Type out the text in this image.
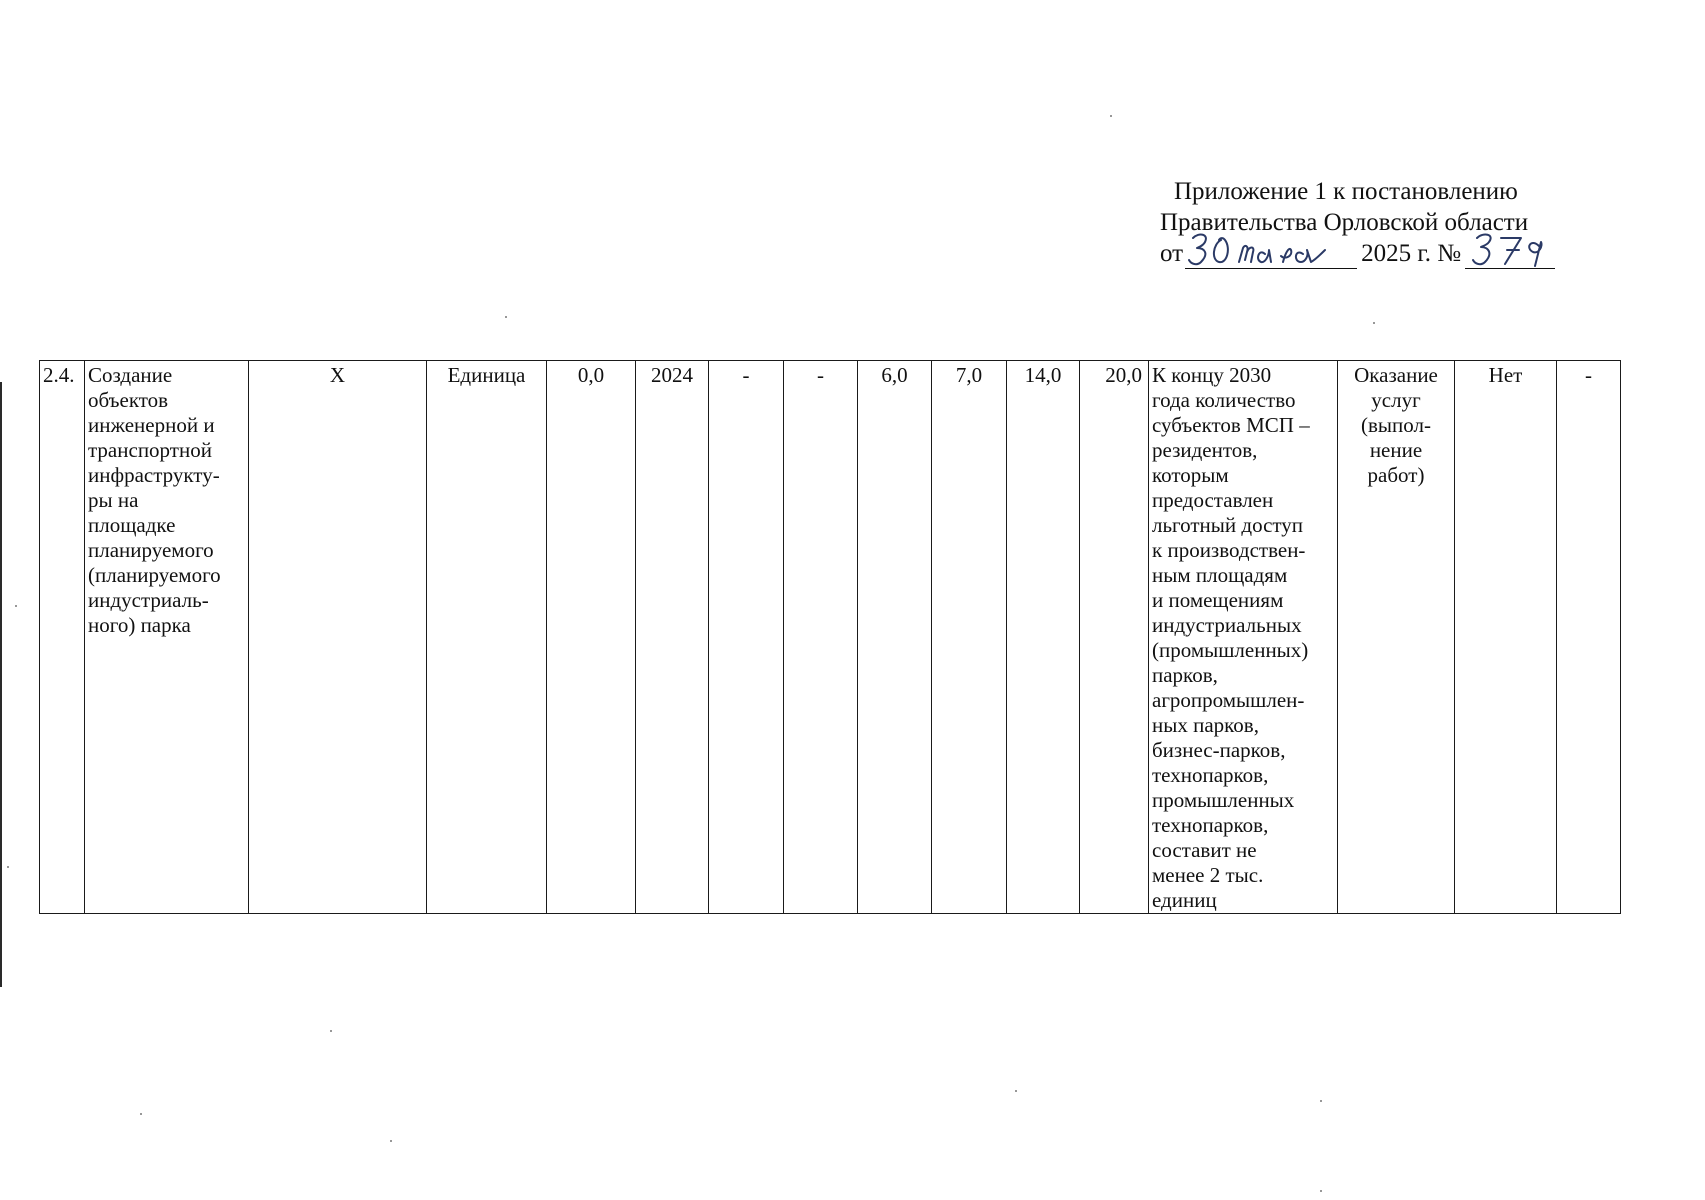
Приложение 1 к постановлению
Правительства Орловской области
от	2025 г. №
2.4.	Создание
объектов
инженерной и
транспортной
инфраструкту-
ры на
площадке
планируемого
(планируемого
индустриаль-
ного) парка	Х	Единица	0,0	2024	-	-	6,0	7,0	14,0	20,0	К концу 2030
года количество
субъектов МСП –
резидентов,
которым
предоставлен
льготный доступ
к производствен-
ным площадям
и помещениям
индустриальных
(промышленных)
парков,
агропромышлен-
ных парков,
бизнес-парков,
технопарков,
промышленных
технопарков,
составит не
менее 2 тыс.
единиц	Оказание
услуг
(выпол-
нение
работ)	Нет	-
